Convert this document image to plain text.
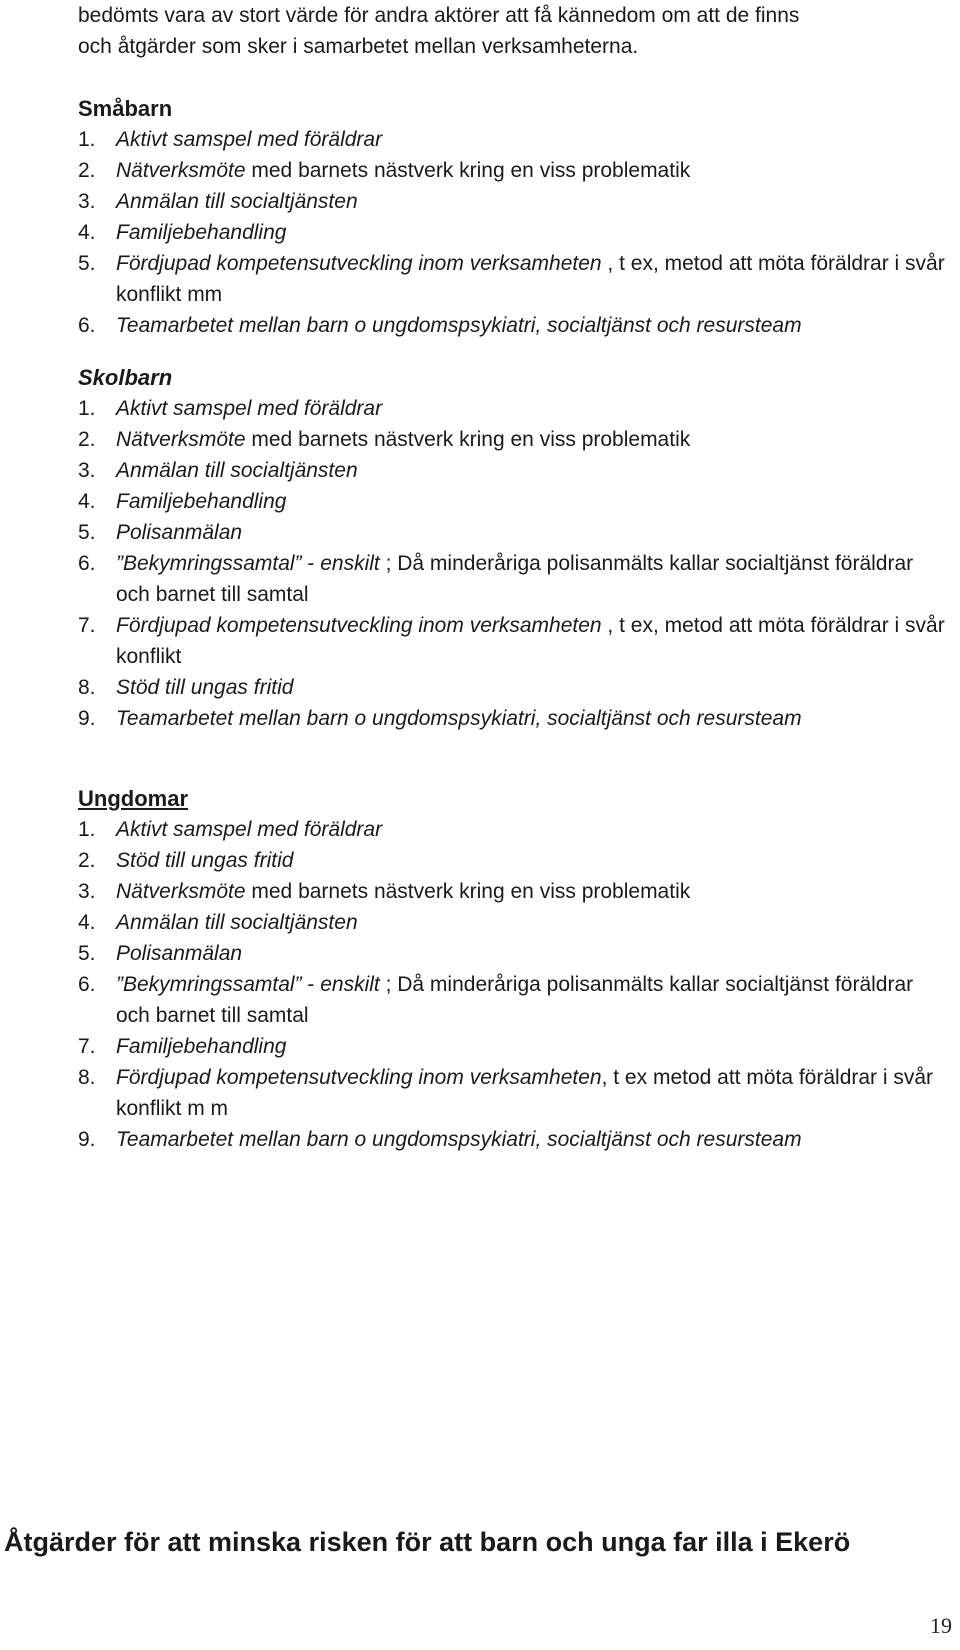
bedömts vara av stort värde för andra aktörer att få kännedom om att de finns

och åtgärder som sker i samarbetet mellan verksamheterna.

Småbarn
1. Aktivt samspel med föräldrar
2. Nätverksmöte med barnets nästverk kring en viss problematik
3. Anmälan till socialtjänsten
4. Familjebehandling
5. Fördjupad kompetensutveckling inom verksamheten , t ex, metod att möta föräldrar i svår konflikt mm
6. Teamarbetet mellan barn o ungdomspsykiatri, socialtjänst och resursteam
Skolbarn
1. Aktivt samspel med föräldrar
2. Nätverksmöte med barnets nästverk kring en viss problematik
3. Anmälan till socialtjänsten
4. Familjebehandling
5. Polisanmälan
6. ”Bekymringssamtal” - enskilt ; Då minderåriga polisanmälts kallar socialtjänst föräldrar och barnet till samtal
7. Fördjupad kompetensutveckling inom verksamheten , t ex, metod att möta föräldrar i svår konflikt
8. Stöd till ungas fritid
9. Teamarbetet mellan barn o ungdomspsykiatri, socialtjänst och resursteam
Ungdomar
1. Aktivt samspel med föräldrar
2. Stöd till ungas fritid
3. Nätverksmöte med barnets nästverk kring en viss problematik
4. Anmälan till socialtjänsten
5. Polisanmälan
6. ”Bekymringssamtal” - enskilt ; Då minderåriga polisanmälts kallar socialtjänst föräldrar och barnet till samtal
7. Familjebehandling
8. Fördjupad kompetensutveckling inom verksamheten, t ex metod att möta föräldrar i svår konflikt m m
9. Teamarbetet mellan barn o ungdomspsykiatri, socialtjänst och resursteam
Åtgärder för att minska risken för att barn och unga far illa i Ekerö
19
